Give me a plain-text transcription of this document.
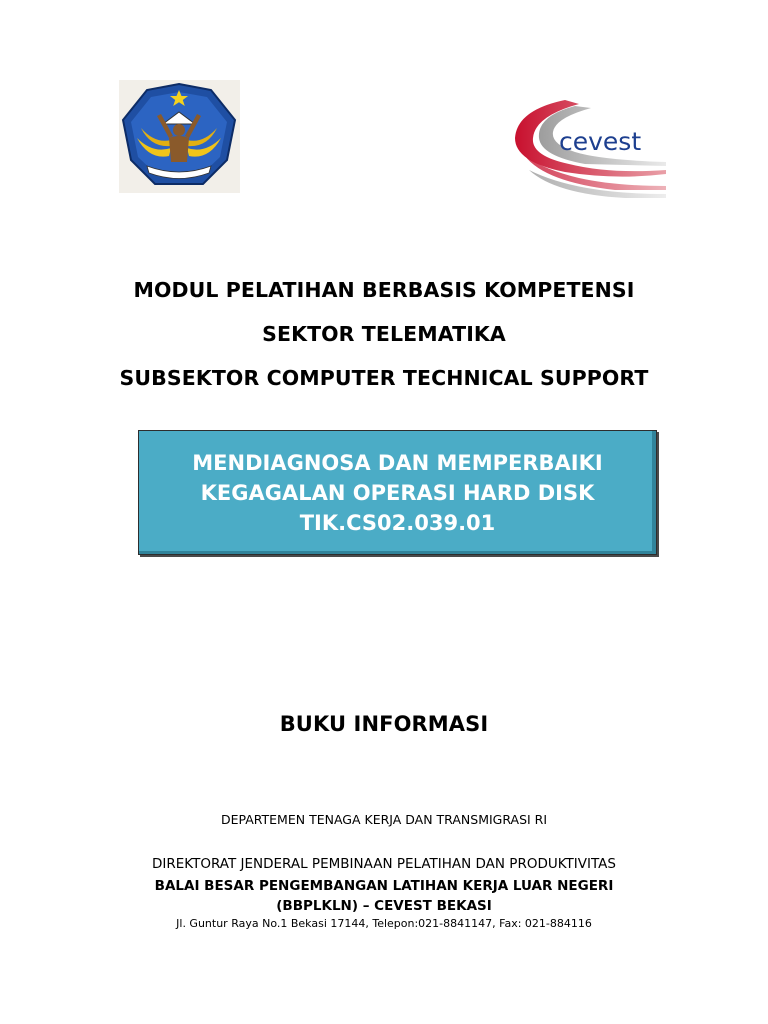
cevest
MODUL PELATIHAN BERBASIS KOMPETENSI
SEKTOR TELEMATIKA
SUBSEKTOR COMPUTER TECHNICAL SUPPORT
MENDIAGNOSA DAN MEMPERBAIKI
KEGAGALAN OPERASI HARD DISK
TIK.CS02.039.01
BUKU INFORMASI
DEPARTEMEN TENAGA KERJA DAN TRANSMIGRASI RI
DIREKTORAT JENDERAL PEMBINAAN PELATIHAN DAN PRODUKTIVITAS
BALAI BESAR PENGEMBANGAN LATIHAN KERJA LUAR NEGERI
(BBPLKLN) – CEVEST BEKASI
Jl. Guntur Raya No.1 Bekasi 17144, Telepon:021-8841147, Fax: 021-884116
